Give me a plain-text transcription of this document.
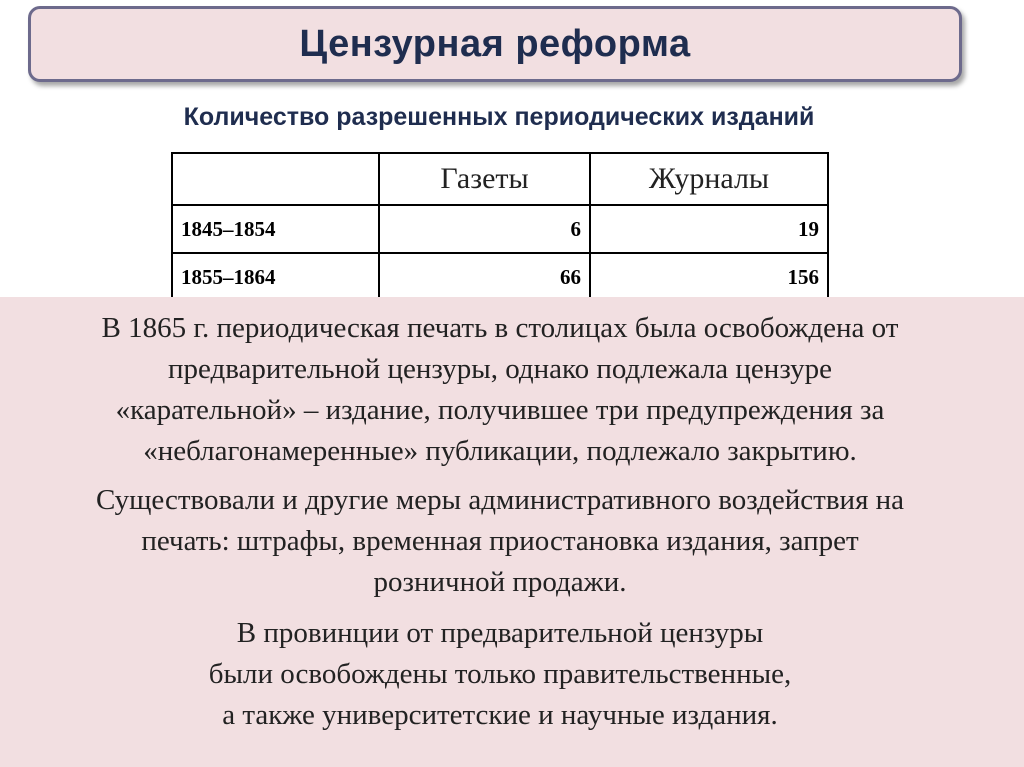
Цензурная реформа
Количество разрешенных периодических изданий
	Газеты	Журналы
1845–1854	6	19
1855–1864	66	156
В 1865 г. периодическая печать в столицах была освобождена от
предварительной цензуры, однако подлежала цензуре
«карательной» – издание, получившее три предупреждения за
«неблагонамеренные» публикации, подлежало закрытию.
Существовали и другие меры административного воздействия на
печать: штрафы, временная приостановка издания, запрет
розничной продажи.
В провинции от предварительной цензуры
были освобождены только правительственные,
а также университетские и научные издания.
